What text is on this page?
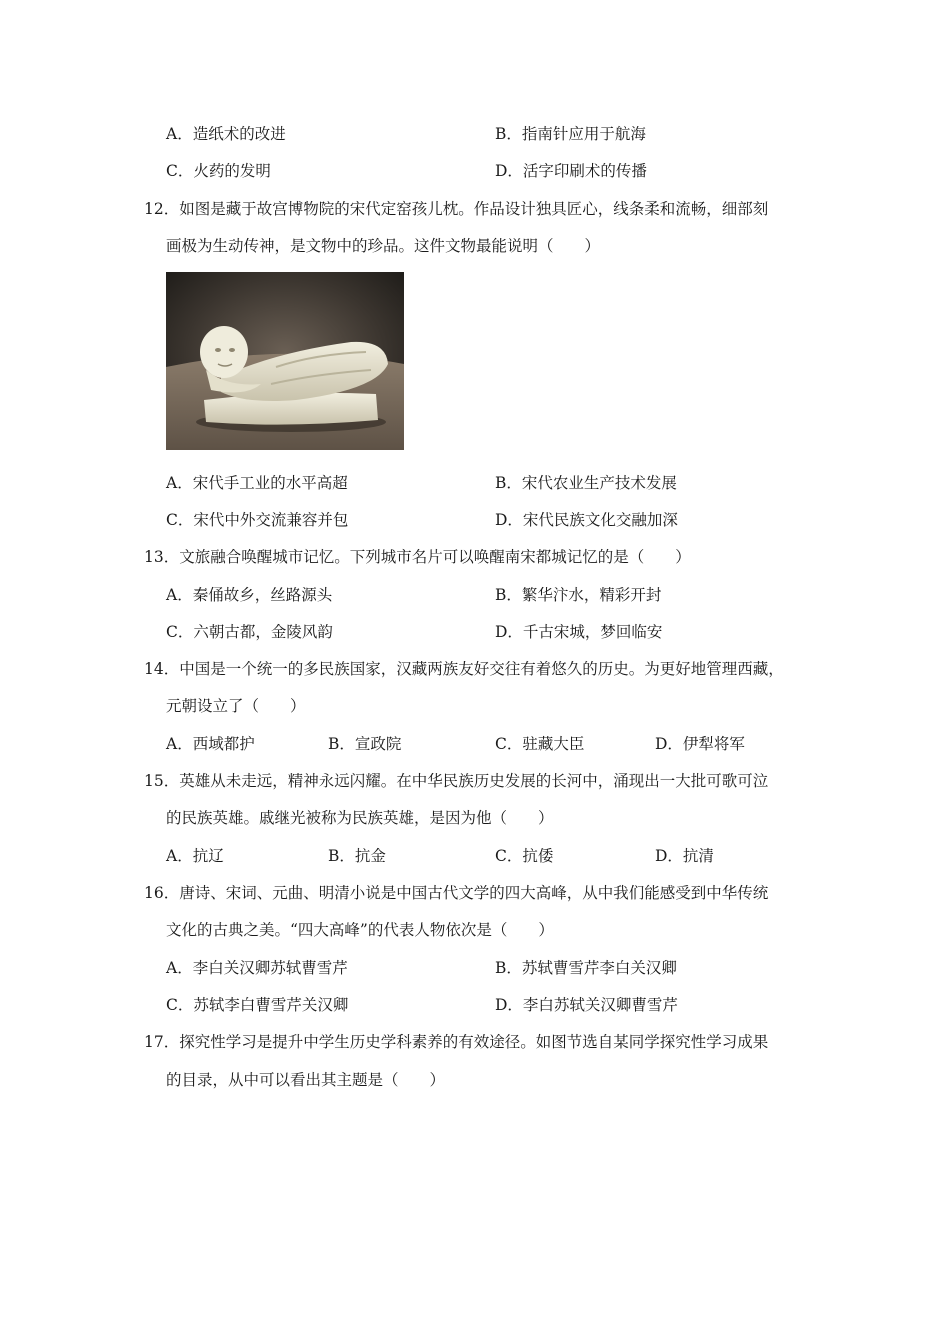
A．造纸术的改进	B．指南针应用于航海
C．火药的发明	D．活字印刷术的传播
12．如图是藏于故宫博物院的宋代定窑孩儿枕。作品设计独具匠心，线条柔和流畅，细部刻
画极为生动传神，是文物中的珍品。这件文物最能说明（　　）
A．宋代手工业的水平高超	B．宋代农业生产技术发展
C．宋代中外交流兼容并包	D．宋代民族文化交融加深
13．文旅融合唤醒城市记忆。下列城市名片可以唤醒南宋都城记忆的是（　　）
A．秦俑故乡，丝路源头	B．繁华汴水，精彩开封
C．六朝古都，金陵风韵	D．千古宋城，梦回临安
14．中国是一个统一的多民族国家，汉藏两族友好交往有着悠久的历史。为更好地管理西藏，
元朝设立了（　　）
A．西域都护	B．宣政院	C．驻藏大臣	D．伊犁将军
15．英雄从未走远，精神永远闪耀。在中华民族历史发展的长河中，涌现出一大批可歌可泣
的民族英雄。戚继光被称为民族英雄，是因为他（　　）
A．抗辽	B．抗金	C．抗倭	D．抗清
16．唐诗、宋词、元曲、明清小说是中国古代文学的四大高峰，从中我们能感受到中华传统
文化的古典之美。“四大高峰”的代表人物依次是（　　）
A．李白关汉卿苏轼曹雪芹	B．苏轼曹雪芹李白关汉卿
C．苏轼李白曹雪芹关汉卿	D．李白苏轼关汉卿曹雪芹
17．探究性学习是提升中学生历史学科素养的有效途径。如图节选自某同学探究性学习成果
的目录，从中可以看出其主题是（　　）
